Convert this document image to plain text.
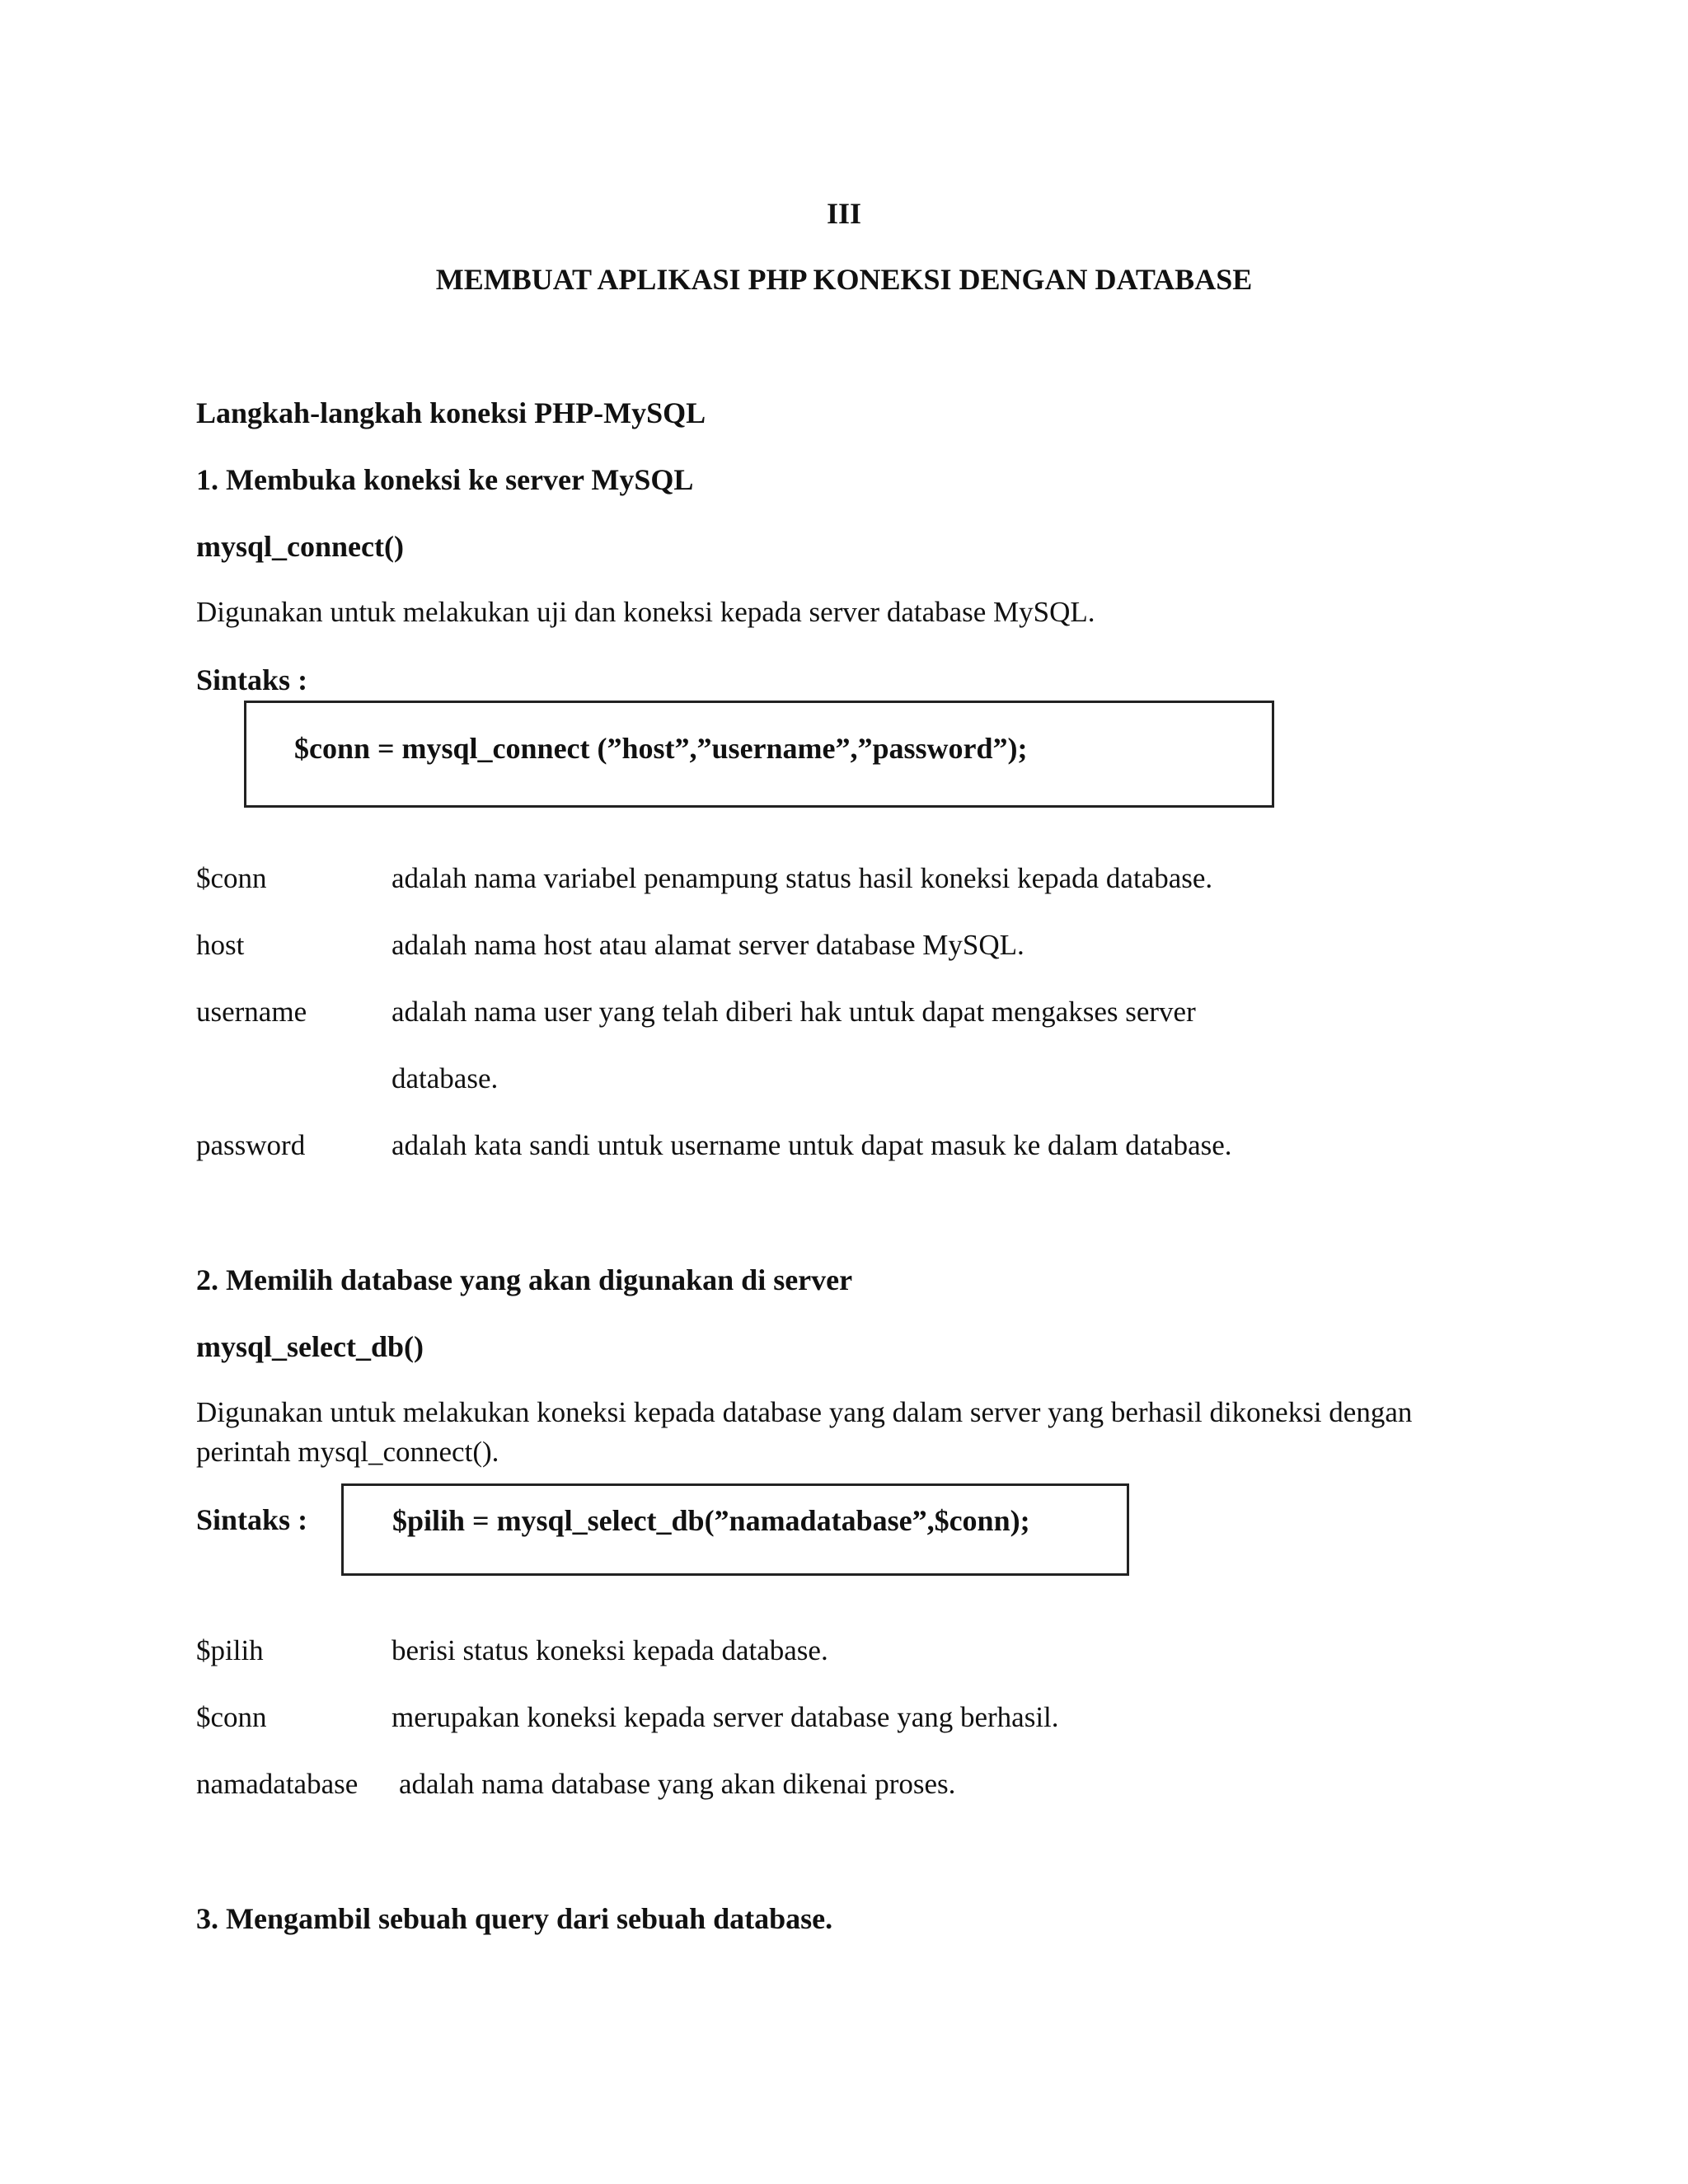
III
MEMBUAT APLIKASI PHP KONEKSI DENGAN DATABASE
Langkah-langkah koneksi PHP-MySQL
1. Membuka koneksi ke server MySQL
mysql_connect()
Digunakan untuk melakukan uji dan koneksi kepada server database MySQL.
Sintaks :
$conn = mysql_connect (”host”,”username”,”password”);
$conn	adalah nama variabel penampung status hasil koneksi kepada database.
host	adalah nama host atau alamat server database MySQL.
username	adalah nama user yang telah diberi hak untuk dapat mengakses server
database.
password	adalah kata sandi untuk username untuk dapat masuk ke dalam database.
2. Memilih database yang akan digunakan di server
mysql_select_db()
Digunakan untuk melakukan koneksi kepada database yang dalam server yang berhasil dikoneksi dengan
perintah mysql_connect().
Sintaks :	$pilih = mysql_select_db(”namadatabase”,$conn);
$pilih	berisi status koneksi kepada database.
$conn	merupakan koneksi kepada server database yang berhasil.
namadatabase adalah nama database yang akan dikenai proses.
3. Mengambil sebuah query dari sebuah database.
